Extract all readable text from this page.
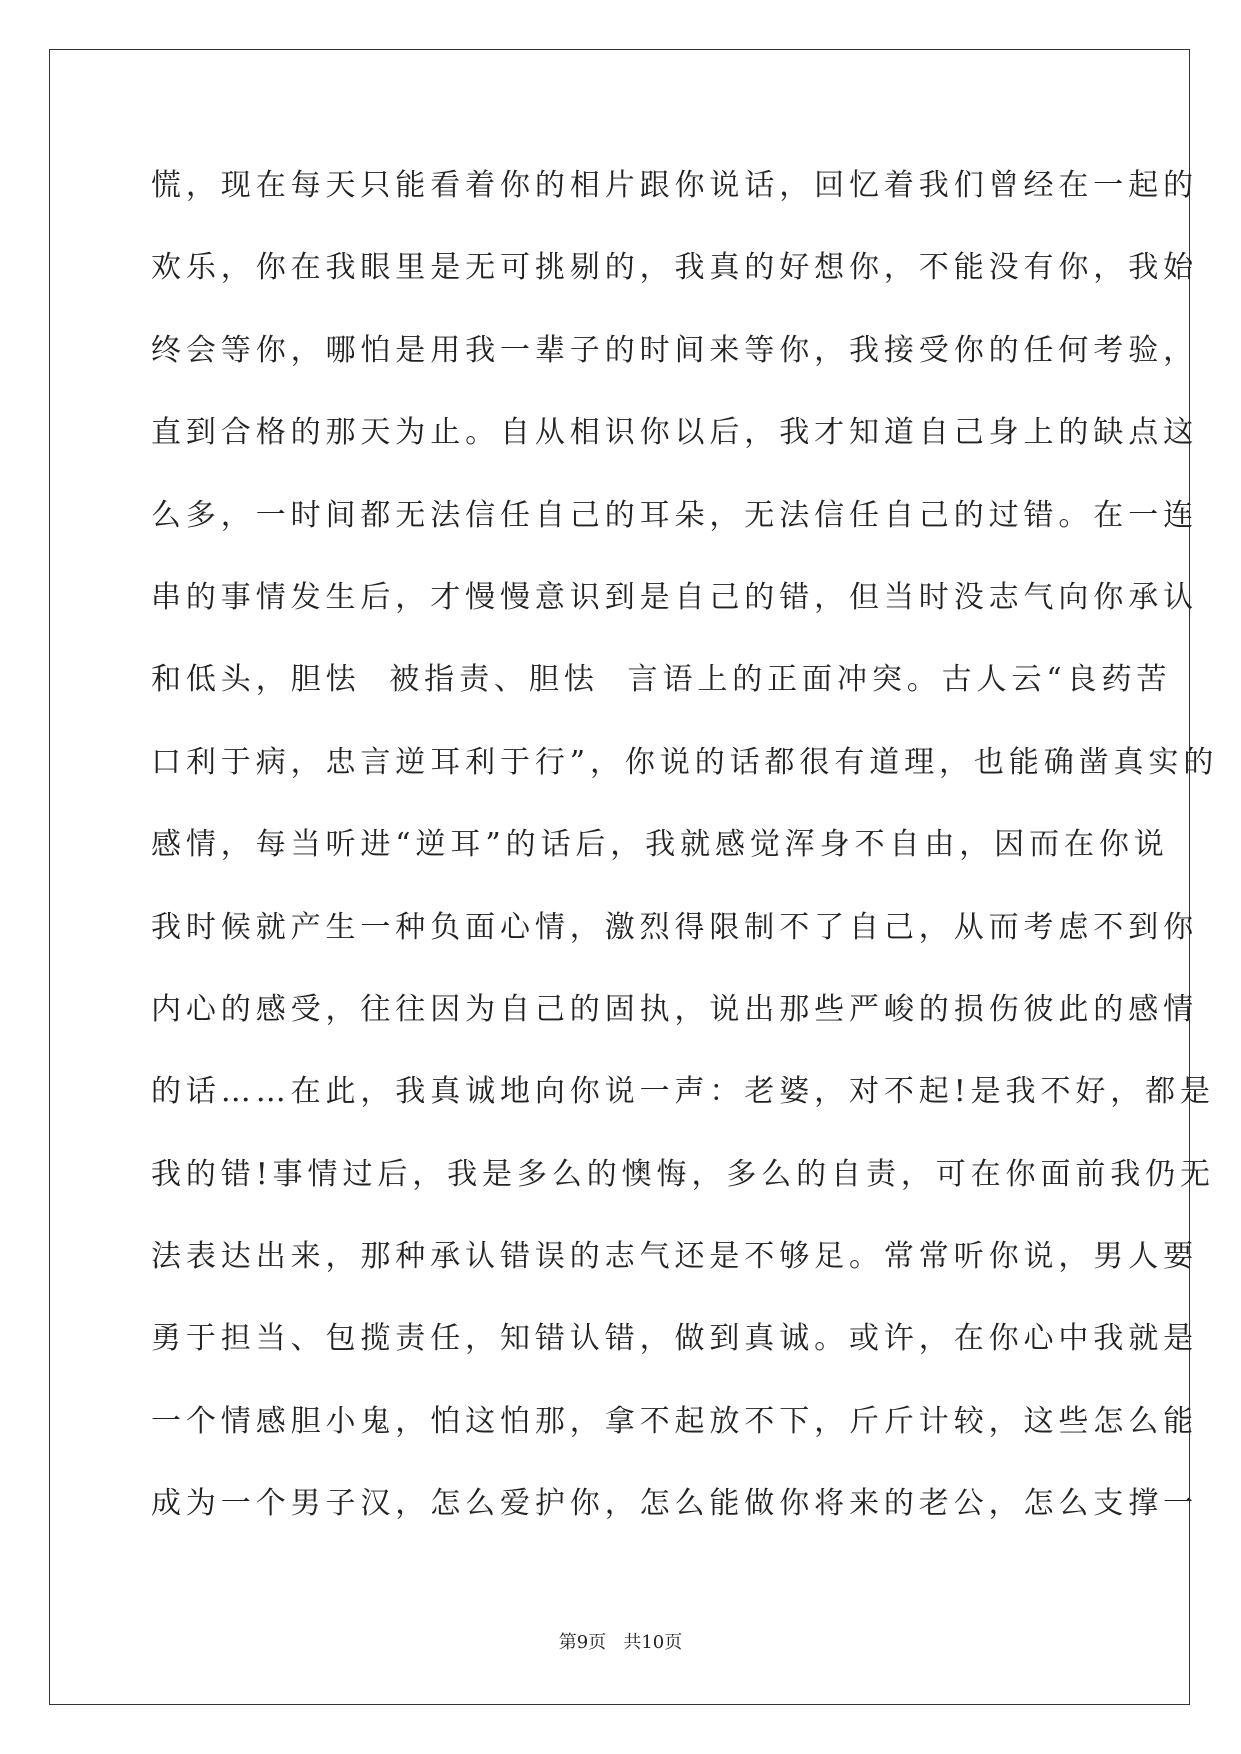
慌，现在每天只能看着你的相片跟你说话，回忆着我们曾经在一起的
欢乐，你在我眼里是无可挑剔的，我真的好想你，不能没有你，我始
终会等你，哪怕是用我一辈子的时间来等你，我接受你的任何考验，
直到合格的那天为止。自从相识你以后，我才知道自己身上的缺点这
么多，一时间都无法信任自己的耳朵，无法信任自己的过错。在一连
串的事情发生后，才慢慢意识到是自己的错，但当时没志气向你承认
和低头，胆怯  被指责、胆怯  言语上的正面冲突。古人云“良药苦
口利于病，忠言逆耳利于行”，你说的话都很有道理，也能确凿真实的
感情，每当听进“逆耳”的话后，我就感觉浑身不自由，因而在你说
我时候就产生一种负面心情，激烈得限制不了自己，从而考虑不到你
内心的感受，往往因为自己的固执，说出那些严峻的损伤彼此的感情
的话……在此，我真诚地向你说一声：老婆，对不起!是我不好，都是
我的错!事情过后，我是多么的懊悔，多么的自责，可在你面前我仍无
法表达出来，那种承认错误的志气还是不够足。常常听你说，男人要
勇于担当、包揽责任，知错认错，做到真诚。或许，在你心中我就是
一个情感胆小鬼，怕这怕那，拿不起放不下，斤斤计较，这些怎么能
成为一个男子汉，怎么爱护你，怎么能做你将来的老公，怎么支撑一
第9页   共10页
